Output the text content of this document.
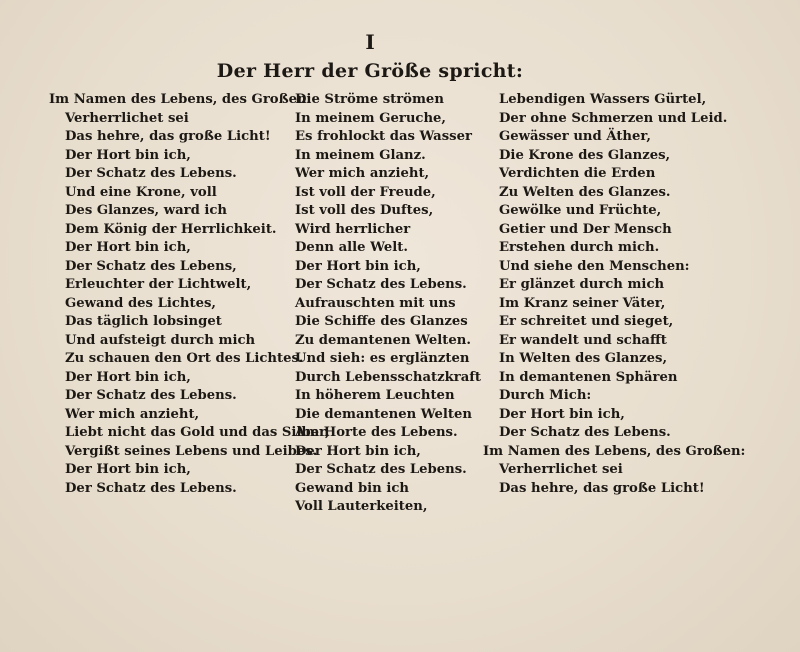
I
Der Herr der Größe spricht:
Im Namen des Lebens, des Großen:
Verherrlichet sei
Das hehre, das große Licht!
Der Hort bin ich,
Der Schatz des Lebens.
Und eine Krone, voll
Des Glanzes, ward ich
Dem König der Herrlichkeit.
Der Hort bin ich,
Der Schatz des Lebens,
Erleuchter der Lichtwelt,
Gewand des Lichtes,
Das täglich lobsinget
Und aufsteigt durch mich
Zu schauen den Ort des Lichtes.
Der Hort bin ich,
Der Schatz des Lebens.
Wer mich anzieht,
Liebt nicht das Gold und das Silber,
Vergißt seines Lebens und Leibes.
Der Hort bin ich,
Der Schatz des Lebens.
Die Ströme strömen
In meinem Geruche,
Es frohlockt das Wasser
In meinem Glanz.
Wer mich anzieht,
Ist voll der Freude,
Ist voll des Duftes,
Wird herrlicher
Denn alle Welt.
Der Hort bin ich,
Der Schatz des Lebens.
Aufrauschten mit uns
Die Schiffe des Glanzes
Zu demantenen Welten.
Und sieh: es erglänzten
Durch Lebensschatzkraft
In höherem Leuchten
Die demantenen Welten
Am Horte des Lebens.
Der Hort bin ich,
Der Schatz des Lebens.
Gewand bin ich
Voll Lauterkeiten,
Lebendigen Wassers Gürtel,
Der ohne Schmerzen und Leid.
Gewässer und Äther,
Die Krone des Glanzes,
Verdichten die Erden
Zu Welten des Glanzes.
Gewölke und Früchte,
Getier und Der Mensch
Erstehen durch mich.
Und siehe den Menschen:
Er glänzet durch mich
Im Kranz seiner Väter,
Er schreitet und sieget,
Er wandelt und schafft
In Welten des Glanzes,
In demantenen Sphären
Durch Mich:
Der Hort bin ich,
Der Schatz des Lebens.
Im Namen des Lebens, des Großen:
Verherrlichet sei
Das hehre, das große Licht!
